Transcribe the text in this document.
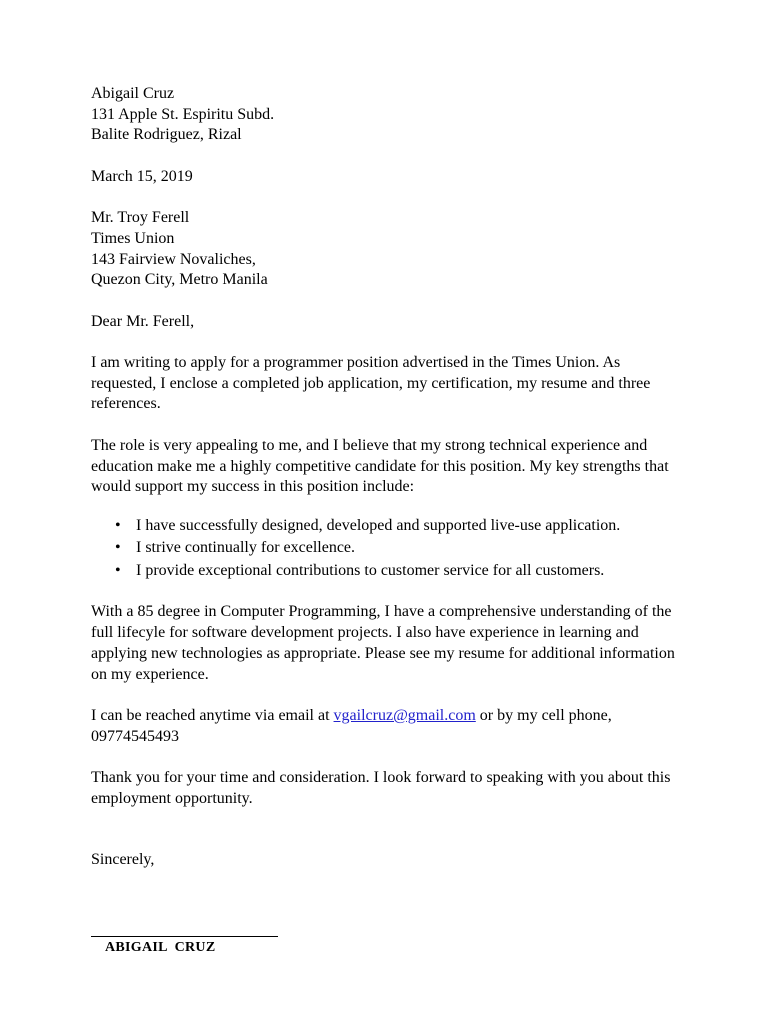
Abigail Cruz
131 Apple St. Espiritu Subd.
Balite Rodriguez, Rizal
March 15, 2019
Mr. Troy Ferell
Times Union
143 Fairview Novaliches,
Quezon City, Metro Manila
Dear Mr. Ferell,

I am writing to apply for a programmer position advertised in the Times Union. As requested, I enclose a completed job application, my certification, my resume and three references.

The role is very appealing to me, and I believe that my strong technical experience and education make me a highly competitive candidate for this position. My key strengths that would support my success in this position include:

• I have successfully designed, developed and supported live-use application.
• I strive continually for excellence.
• I provide exceptional contributions to customer service for all customers.

With a 85 degree in Computer Programming, I have a comprehensive understanding of the full lifecyle for software development projects. I also have experience in learning and applying new technologies as appropriate. Please see my resume for additional information on my experience.

I can be reached anytime via email at vgailcruz@gmail.com or by my cell phone, 09774545493

Thank you for your time and consideration. I look forward to speaking with you about this employment opportunity.

Sincerely,
ABIGAIL  CRUZ
